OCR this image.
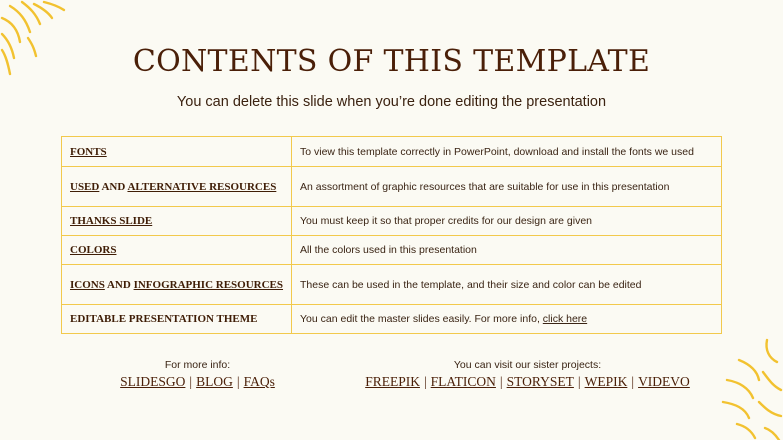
CONTENTS OF THIS TEMPLATE
You can delete this slide when you’re done editing the presentation
FONTS	To view this template correctly in PowerPoint, download and install the fonts we used
USED AND ALTERNATIVE RESOURCES	An assortment of graphic resources that are suitable for use in this presentation
THANKS SLIDE	You must keep it so that proper credits for our design are given
COLORS	All the colors used in this presentation
ICONS AND INFOGRAPHIC RESOURCES	These can be used in the template, and their size and color can be edited
EDITABLE PRESENTATION THEME	You can edit the master slides easily. For more info, click here
For more info:
SLIDESGO | BLOG | FAQs
You can visit our sister projects:
FREEPIK | FLATICON | STORYSET | WEPIK | VIDEVO
